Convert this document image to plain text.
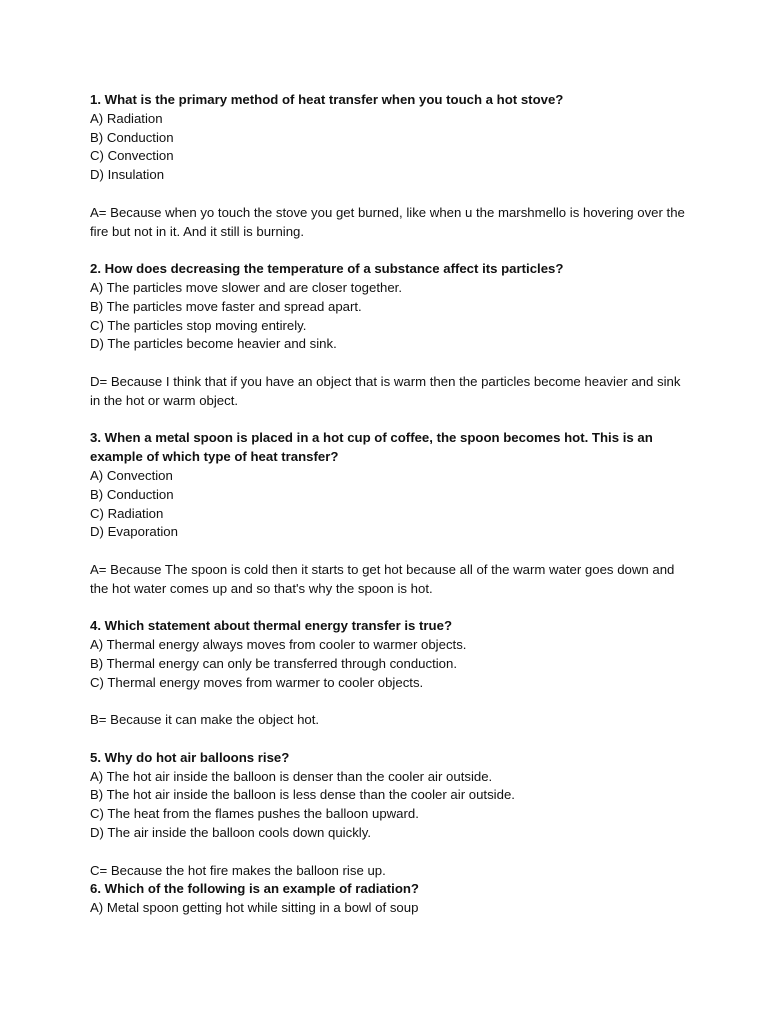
1. What is the primary method of heat transfer when you touch a hot stove?

A) Radiation

B) Conduction

C) Convection

D) Insulation

A= Because when yo touch the stove you get burned, like when u the marshmello is hovering over the fire but not in it. And it still is burning.

2. How does decreasing the temperature of a substance affect its particles?

A) The particles move slower and are closer together.

B) The particles move faster and spread apart.

C) The particles stop moving entirely.

D) The particles become heavier and sink.

D= Because I think that if you have an object that is warm then the particles become heavier and sink in the hot or warm object.

3. When a metal spoon is placed in a hot cup of coffee, the spoon becomes hot. This is an example of which type of heat transfer?

A) Convection

B) Conduction

C) Radiation

D) Evaporation

A= Because The spoon is cold then it starts to get hot because all of the warm water goes down and the hot water comes up and so that's why the spoon is hot.

4. Which statement about thermal energy transfer is true?

A) Thermal energy always moves from cooler to warmer objects.

B) Thermal energy can only be transferred through conduction.

C) Thermal energy moves from warmer to cooler objects.

B= Because it can make the object hot.

5. Why do hot air balloons rise?

A) The hot air inside the balloon is denser than the cooler air outside.

B) The hot air inside the balloon is less dense than the cooler air outside.

C) The heat from the flames pushes the balloon upward.

D) The air inside the balloon cools down quickly.

C= Because the hot fire makes the balloon rise up.

6. Which of the following is an example of radiation?

A) Metal spoon getting hot while sitting in a bowl of soup
